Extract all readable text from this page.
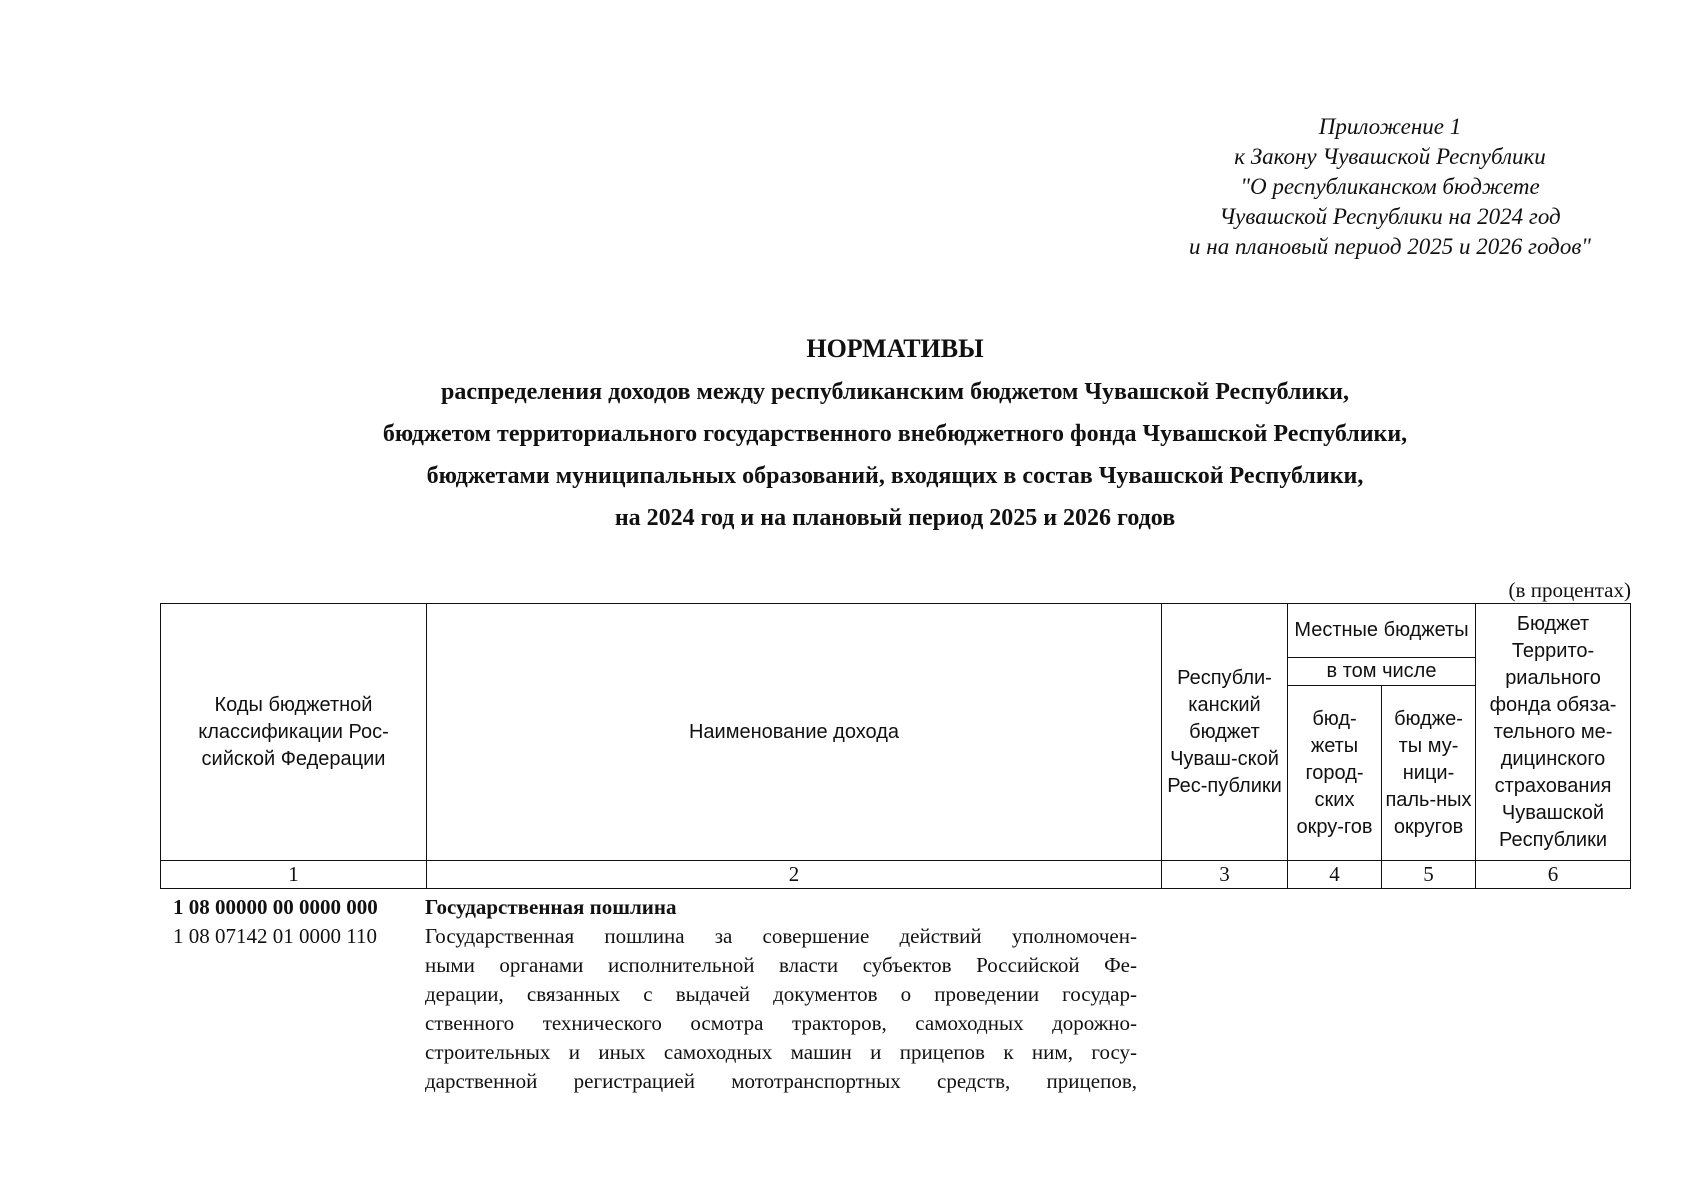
Приложение 1
к Закону Чувашской Республики
"О республиканском бюджете
Чувашской Республики на 2024 год
и на плановый период 2025 и 2026 годов"
НОРМАТИВЫ
распределения доходов между республиканским бюджетом Чувашской Республики,
бюджетом территориального государственного внебюджетного фонда Чувашской Республики,
бюджетами муниципальных образований, входящих в состав Чувашской Республики,
на 2024 год и на плановый период 2025 и 2026 годов
(в процентах)
Коды бюджетной классификации Рос-сийской Федерации	Наименование дохода	Республи-канский бюджет Чуваш-ской Рес-публики	Местные бюджеты		Бюджет Террито-риального фонда обяза-тельного ме-дицинского страхования Чувашской Республики
			в том числе		
			бюд-жеты город-ских окру-гов	бюдже-ты му-ници-паль-ных округов	
1	2	3	4	5	6
1 08 00000 00 0000 000	Государственная пошлина
1 08 07142 01 0000 110	Государственная пошлина за совершение действий уполномочен-
ными органами исполнительной власти субъектов Российской Фе-
дерации, связанных с выдачей документов о проведении государ-
ственного технического осмотра тракторов, самоходных дорожно-
строительных и иных самоходных машин и прицепов к ним, госу-
дарственной регистрацией мототранспортных средств, прицепов,
